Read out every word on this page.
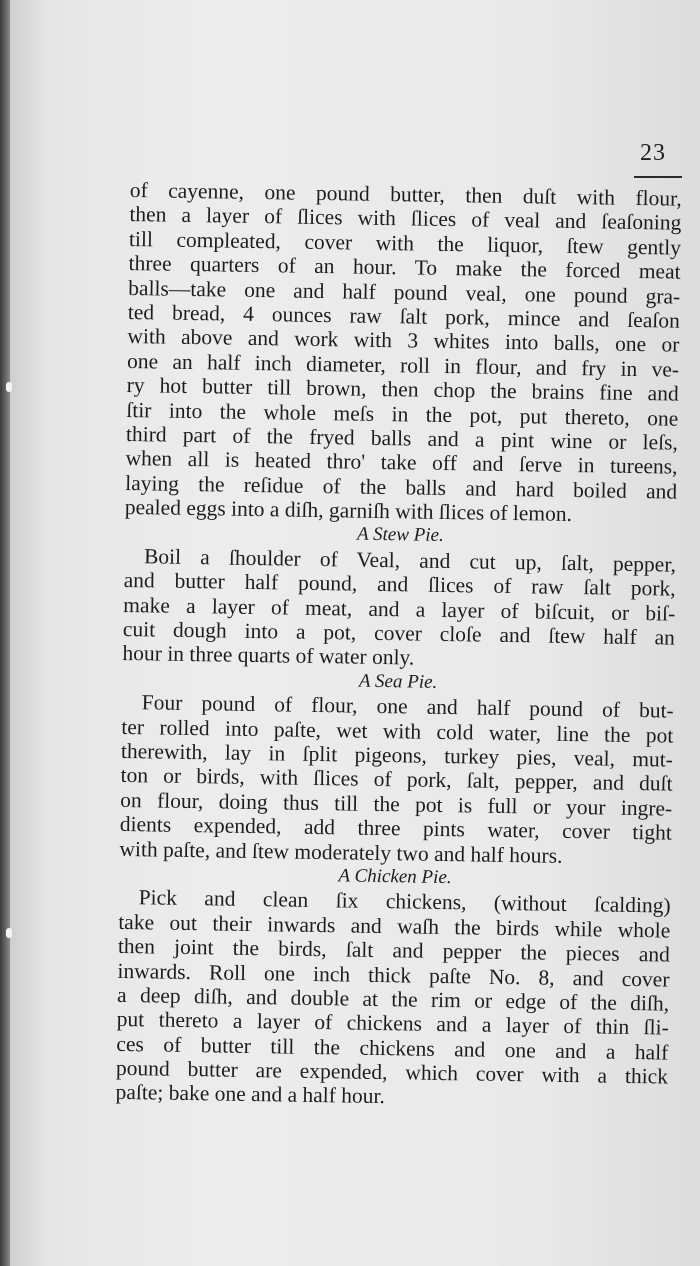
23
of cayenne, one pound butter, then duſt with flour,
then a layer of ſlices with ſlices of veal and ſeaſoning
till compleated, cover with the liquor, ſtew gently
three quarters of an hour. To make the forced meat
balls—take one and half pound veal, one pound gra-
ted bread, 4 ounces raw ſalt pork, mince and ſeaſon
with above and work with 3 whites into balls, one or
one an half inch diameter, roll in flour, and fry in ve-
ry hot butter till brown, then chop the brains fine and
ſtir into the whole meſs in the pot, put thereto, one
third part of the fryed balls and a pint wine or leſs,
when all is heated thro' take off and ſerve in tureens,
laying the reſidue of the balls and hard boiled and
pealed eggs into a diſh, garniſh with ſlices of lemon.
A Stew Pie.
Boil a ſhoulder of Veal, and cut up, ſalt, pepper,
and butter half pound, and ſlices of raw ſalt pork,
make a layer of meat, and a layer of biſcuit, or biſ-
cuit dough into a pot, cover cloſe and ſtew half an
hour in three quarts of water only.
A Sea Pie.
Four pound of flour, one and half pound of but-
ter rolled into paſte, wet with cold water, line the pot
therewith, lay in ſplit pigeons, turkey pies, veal, mut-
ton or birds, with ſlices of pork, ſalt, pepper, and duſt
on flour, doing thus till the pot is full or your ingre-
dients expended, add three pints water, cover tight
with paſte, and ſtew moderately two and half hours.
A Chicken Pie.
Pick and clean ſix chickens, (without ſcalding)
take out their inwards and waſh the birds while whole
then joint the birds, ſalt and pepper the pieces and
inwards. Roll one inch thick paſte No. 8, and cover
a deep diſh, and double at the rim or edge of the diſh,
put thereto a layer of chickens and a layer of thin ſli-
ces of butter till the chickens and one and a half
pound butter are expended, which cover with a thick
paſte; bake one and a half hour.
